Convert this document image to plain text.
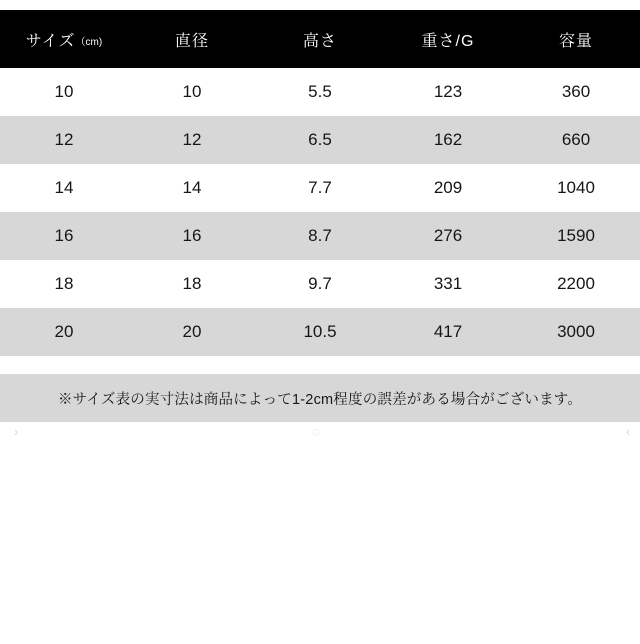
サイズ（cm)	直径	高さ	重さ/G	容量
10	10	5.5	123	360
12	12	6.5	162	660
14	14	7.7	209	1040
16	16	8.7	276	1590
18	18	9.7	331	2200
20	20	10.5	417	3000
※サイズ表の実寸法は商品によって1-2cm程度の誤差がある場合がございます。
›	‹
›	◌	‹
